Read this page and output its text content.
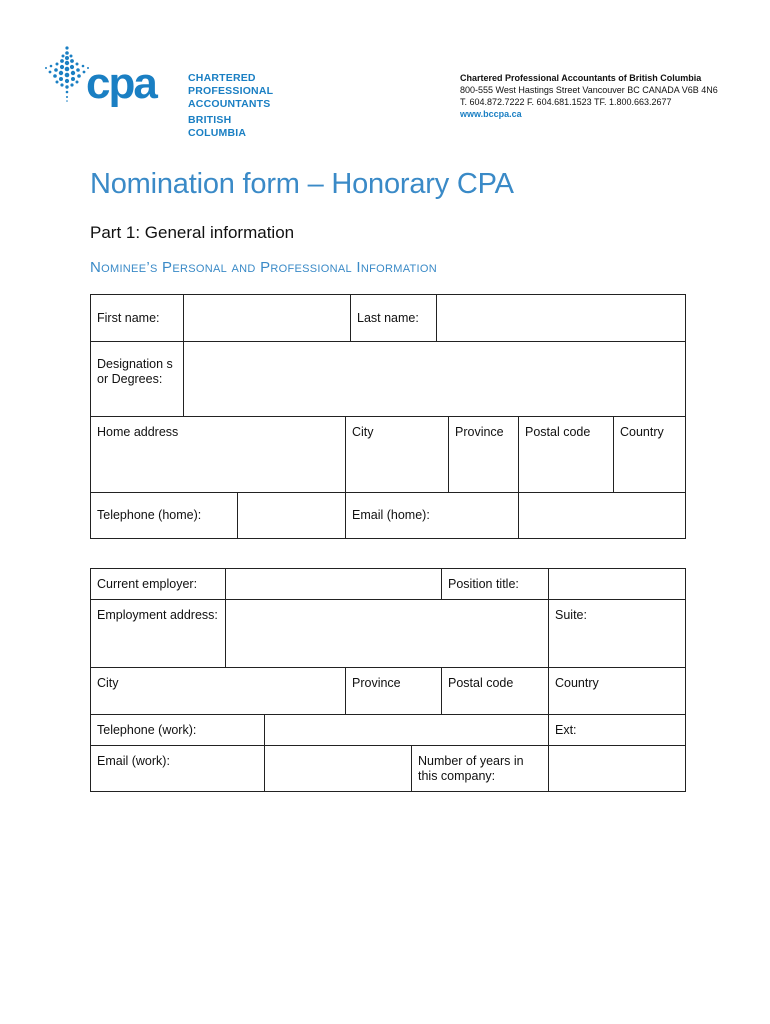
cpa	CHARTERED
PROFESSIONAL
ACCOUNTANTS
BRITISH COLUMBIA
Chartered Professional Accountants of British Columbia
800-555 West Hastings Street Vancouver BC CANADA V6B 4N6
T. 604.872.7222 F. 604.681.1523 TF. 1.800.663.2677
www.bccpa.ca
Nomination form – Honorary CPA
Part 1: General information
Nominee’s Personal and Professional Information
First name:	Last name:
Designation s or Degrees:
Home address	City	Province	Postal code	Country
Telephone (home):	Email (home):
Current employer:	Position title:
Employment address:	Suite:
City	Province	Postal code	Country
Telephone (work):	Ext:
Email (work):	Number of years in this company:
